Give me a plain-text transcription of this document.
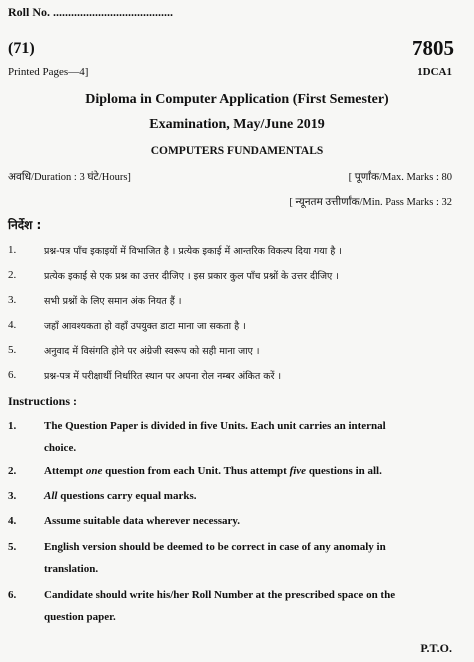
Roll No. ........................................
(71)	7805
Printed Pages—4]	1DCA1
Diploma in Computer Application (First Semester)
Examination, May/June 2019
COMPUTERS FUNDAMENTALS
अवधि/Duration : 3 घंटे/Hours]	[ पूर्णांक/Max. Marks : 80
[ न्यूनतम उत्तीर्णांक/Min. Pass Marks : 32
निर्देश :
1.	प्रश्न-पत्र पाँच इकाइयों में विभाजित है । प्रत्येक इकाई में आन्तरिक विकल्प दिया गया है ।
2.	प्रत्येक इकाई से एक प्रश्न का उत्तर दीजिए । इस प्रकार कुल पाँच प्रश्नों के उत्तर दीजिए ।
3.	सभी प्रश्नों के लिए समान अंक नियत हैं ।
4.	जहाँ आवश्यकता हो वहाँ उपयुक्त डाटा माना जा सकता है ।
5.	अनुवाद में विसंगति होने पर अंग्रेजी स्वरूप को सही माना जाए ।
6.	प्रश्न-पत्र में परीक्षार्थी निर्धारित स्थान पर अपना रोल नम्बर अंकित करें ।
Instructions :
1.	The Question Paper is divided in five Units. Each unit carries an internal
choice.
2.	Attempt one question from each Unit. Thus attempt five questions in all.
3.	All questions carry equal marks.
4.	Assume suitable data wherever necessary.
5.	English version should be deemed to be correct in case of any anomaly in
translation.
6.	Candidate should write his/her Roll Number at the prescribed space on the
question paper.
P.T.O.
